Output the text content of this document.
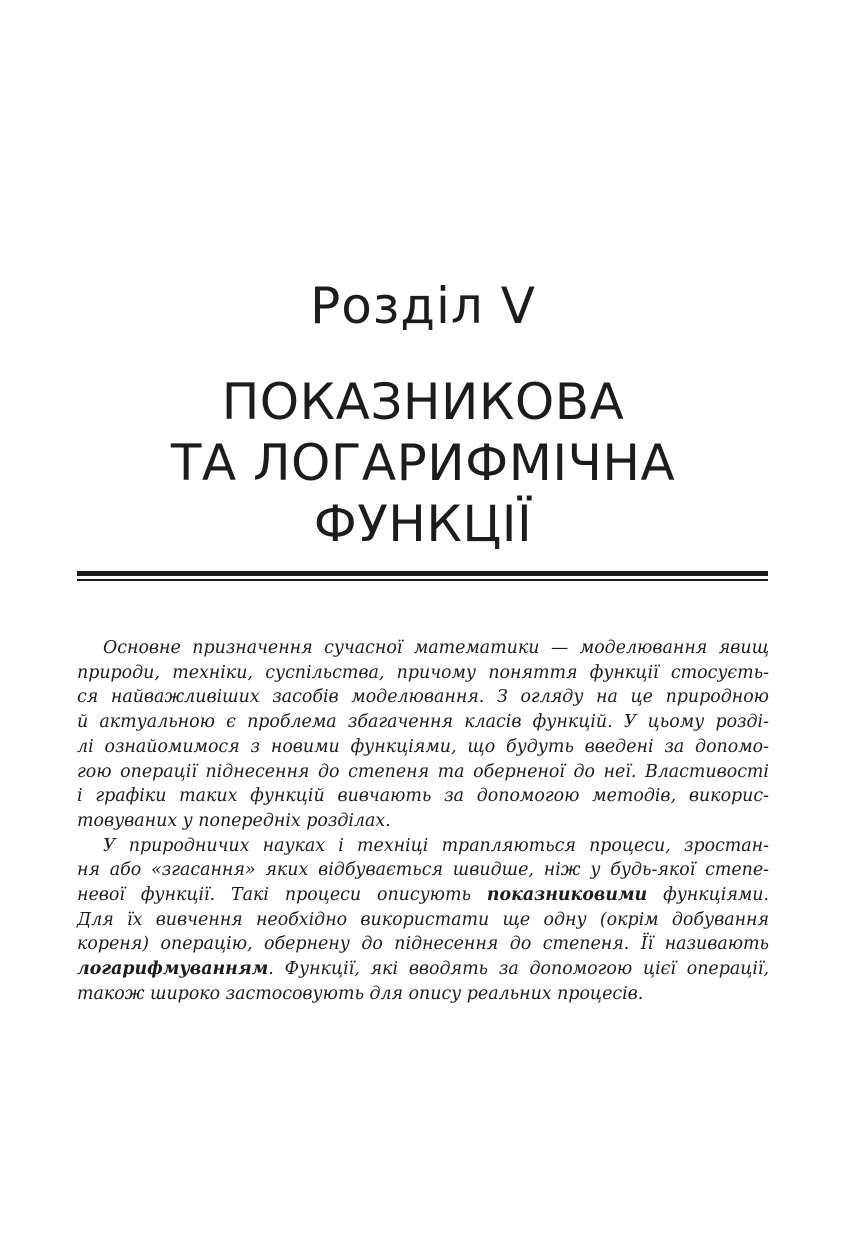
Розділ V
ПОКАЗНИКОВА
ТА ЛОГАРИФМІЧНА
ФУНКЦІЇ
Основне призначення сучасної математики — моделювання явищ
природи, техніки, суспільства, причому поняття функції стосуєть-
ся найважливіших засобів моделювання. З огляду на це природною
й актуальною є проблема збагачення класів функцій. У цьому розді-
лі ознайомимося з новими функціями, що будуть введені за допомо-
гою операції піднесення до степеня та оберненої до неї. Властивості
і графіки таких функцій вивчають за допомогою методів, викорис-
товуваних у попередніх розділах.
У природничих науках і техніці трапляються процеси, зростан-
ня або «згасання» яких відбувається швидше, ніж у будь-якої степе-
невої функції. Такі процеси описують показниковими функціями.
Для їх вивчення необхідно використати ще одну (окрім добування
кореня) операцію, обернену до піднесення до степеня. Її називають
логарифмуванням. Функції, які вводять за допомогою цієї операції,
також широко застосовують для опису реальних процесів.
